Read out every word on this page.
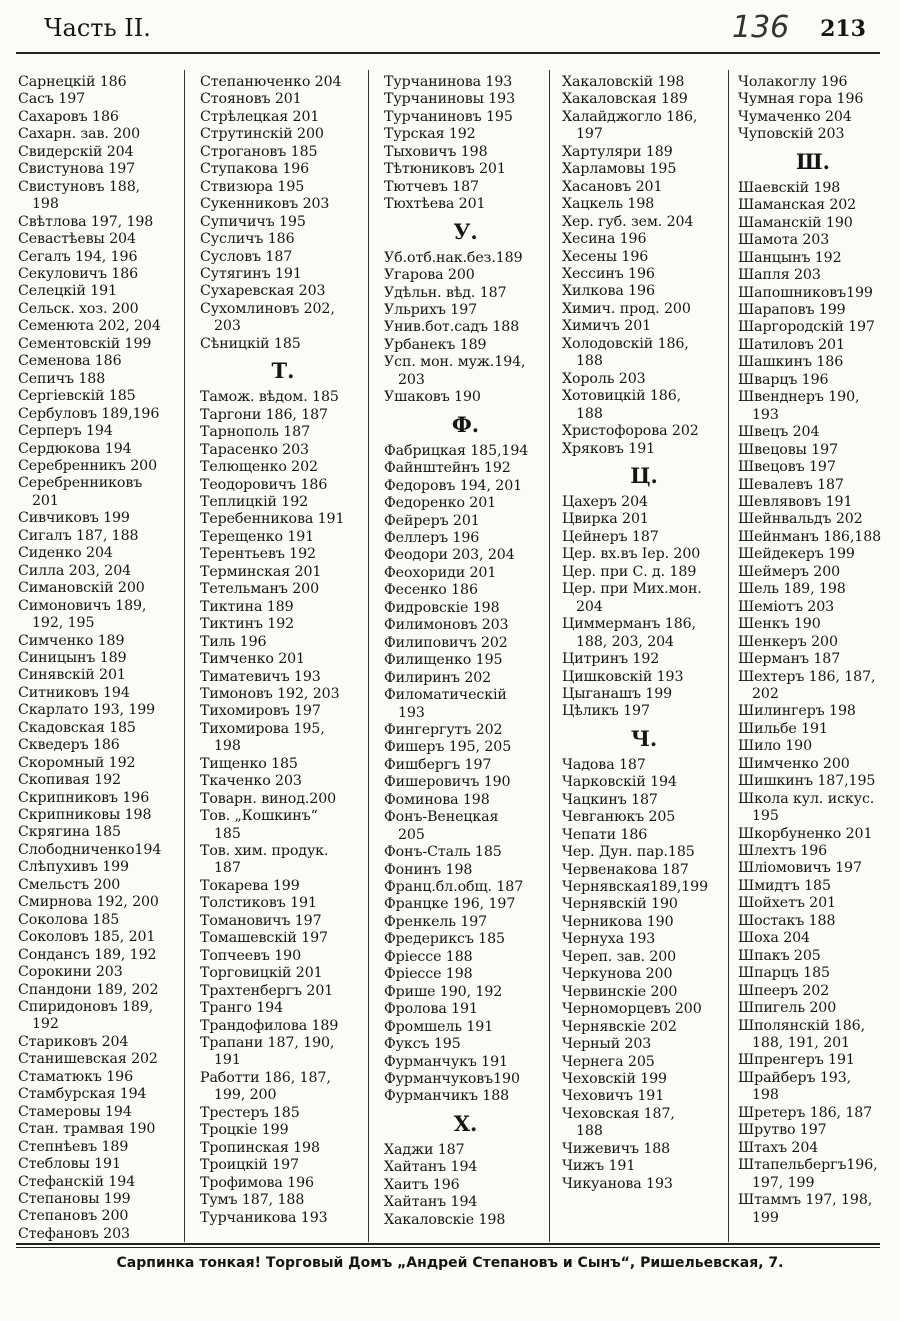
Часть II.	136 213
Сарнецкій 186
Сасъ 197
Сахаровъ 186
Сахарн. зав. 200
Свидерскій 204
Свистунова 197
Свистуновъ 188,
198
Свѣтлова 197, 198
Севастѣевы 204
Сегалъ 194, 196
Секуловичъ 186
Селецкій 191
Сельск. хоз. 200
Семенюта 202, 204
Сементовскій 199
Семенова 186
Сепичъ 188
Сергіевскій 185
Сербуловъ 189,196
Серперъ 194
Сердюкова 194
Серебренникъ 200
Серебренниковъ
201
Сивчиковъ 199
Сигалъ 187, 188
Сиденко 204
Силла 203, 204
Симановскій 200
Симоновичъ 189,
192, 195
Симченко 189
Синицынъ 189
Синявскій 201
Ситниковъ 194
Скарлато 193, 199
Скадовская 185
Скведеръ 186
Скоромный 192
Скопивая 192
Скрипниковъ 196
Скрипниковы 198
Скрягина 185
Слободниченко194
Слѣпухивъ 199
Смельстъ 200
Смирнова 192, 200
Соколова 185
Соколовъ 185, 201
Сондансъ 189, 192
Сорокини 203
Спандони 189, 202
Спиридоновъ 189,
192
Стариковъ 204
Станишевская 202
Стаматюкъ 196
Стамбурская 194
Стамеровы 194
Стан. трамвая 190
Степнѣевъ 189
Стебловы 191
Стефанскій 194
Степановы 199
Степановъ 200
Стефановъ 203
Степанюченко 204
Стояновъ 201
Стрѣлецкая 201
Струтинскій 200
Строгановъ 185
Ступакова 196
Ствизюра 195
Сукенниковъ 203
Супичичъ 195
Сусличъ 186
Сусловъ 187
Сутягинъ 191
Сухаревская 203
Сухомлиновъ 202,
203
Сѣницкій 185
Т.
Тамож. вѣдом. 185
Таргони 186, 187
Тарнополь 187
Тарасенко 203
Телющенко 202
Теодоровичъ 186
Теплицкій 192
Теребенникова 191
Терещенко 191
Терентьевъ 192
Терминская 201
Тетельманъ 200
Тиктина 189
Тиктинъ 192
Тиль 196
Тимченко 201
Тиматевичъ 193
Тимоновъ 192, 203
Тихомировъ 197
Тихомирова 195,
198
Тищенко 185
Ткаченко 203
Товарн. винод.200
Тов. „Кошкинъ“
185
Тов. хим. продук.
187
Токарева 199
Толстиковъ 191
Томановичъ 197
Томашевскій 197
Топчеевъ 190
Торговицкій 201
Трахтенбергъ 201
Транго 194
Трандофилова 189
Трапани 187, 190,
191
Работти 186, 187,
199, 200
Трестеръ 185
Троцкіе 199
Тропинская 198
Троицкій 197
Трофимова 196
Тумъ 187, 188
Турчаникова 193
Турчанинова 193
Турчаниновы 193
Турчаниновъ 195
Турская 192
Тыховичъ 198
Тѣтюниковъ 201
Тютчевъ 187
Тюхтѣева 201
У.
Уб.отб.нак.без.189
Угарова 200
Удѣльн. вѣд. 187
Ульрихъ 197
Унив.бот.садъ 188
Урбанекъ 189
Усп. мон. муж.194,
203
Ушаковъ 190
Ф.
Фабрицкая 185,194
Файнштейнъ 192
Федоровъ 194, 201
Федоренко 201
Фейреръ 201
Феллеръ 196
Феодори 203, 204
Феохориди 201
Фесенко 186
Фидровскіе 198
Филимоновъ 203
Филиповичъ 202
Филищенко 195
Филиринъ 202
Филоматическій
193
Фингергутъ 202
Фишеръ 195, 205
Фишбергъ 197
Фишеровичъ 190
Фоминова 198
Фонъ-Венецкая
205
Фонъ-Сталь 185
Фонинъ 198
Франц.бл.общ. 187
Францке 196, 197
Френкель 197
Фредериксъ 185
Фріессе 188
Фріессе 198
Фрише 190, 192
Фролова 191
Фромшель 191
Фуксъ 195
Фурманчукъ 191
Фурманчуковъ190
Фурманчикъ 188
Х.
Хаджи 187
Хайтанъ 194
Хаитъ 196
Хайтанъ 194
Хакаловскіе 198
Хакаловскій 198
Хакаловская 189
Халайджогло 186,
197
Хартуляри 189
Харламовы 195
Хасановъ 201
Хацкель 198
Хер. губ. зем. 204
Хесина 196
Хесены 196
Хессинъ 196
Хилкова 196
Химич. прод. 200
Химичъ 201
Холодовскій 186,
188
Хороль 203
Хотовицкій 186,
188
Христофорова 202
Хряковъ 191
Ц.
Цахеръ 204
Цвирка 201
Цейнеръ 187
Цер. вх.въ Iер. 200
Цер. при С. д. 189
Цер. при Мих.мон.
204
Циммерманъ 186,
188, 203, 204
Цитринъ 192
Цишковскій 193
Цыганашъ 199
Цѣликъ 197
Ч.
Чадова 187
Чарковскій 194
Чацкинъ 187
Чевганюкъ 205
Чепати 186
Чер. Дун. пар.185
Червенакова 187
Чернявская189,199
Чернявскій 190
Черникова 190
Чернуха 193
Череп. зав. 200
Черкунова 200
Червинскіе 200
Черноморцевъ 200
Чернявскіе 202
Черный 203
Чернега 205
Чеховскій 199
Чеховичъ 191
Чеховская 187,
188
Чижевичъ 188
Чижъ 191
Чикуанова 193
Чолакоглу 196
Чумная гора 196
Чумаченко 204
Чуповскій 203
Ш.
Шаевскій 198
Шаманская 202
Шаманскій 190
Шамота 203
Шанцынъ 192
Шапля 203
Шапошниковъ199
Шараповъ 199
Шаргородскій 197
Шатиловъ 201
Шашкинъ 186
Шварцъ 196
Швенднеръ 190,
193
Швецъ 204
Швецовы 197
Швецовъ 197
Шевалевъ 187
Шевлявовъ 191
Шейнвальдъ 202
Шейнманъ 186,188
Шейдекеръ 199
Шеймеръ 200
Шель 189, 198
Шеміотъ 203
Шенкъ 190
Шенкеръ 200
Шерманъ 187
Шехтеръ 186, 187,
202
Шилингеръ 198
Шильбе 191
Шило 190
Шимченко 200
Шишкинъ 187,195
Школа кул. искус.
195
Шкорбуненко 201
Шлехтъ 196
Шліомовичъ 197
Шмидтъ 185
Шойхетъ 201
Шостакъ 188
Шоха 204
Шпакъ 205
Шпарцъ 185
Шпееръ 202
Шпигель 200
Шполянскій 186,
188, 191, 201
Шпренгеръ 191
Шрайберъ 193,
198
Шретеръ 186, 187
Шрутво 197
Штахъ 204
Штапельбергъ196,
197, 199
Штаммъ 197, 198,
199
Сарпинка тонкая! Торговый Домъ „Андрей Степановъ и Сынъ“, Ришельевская, 7.
